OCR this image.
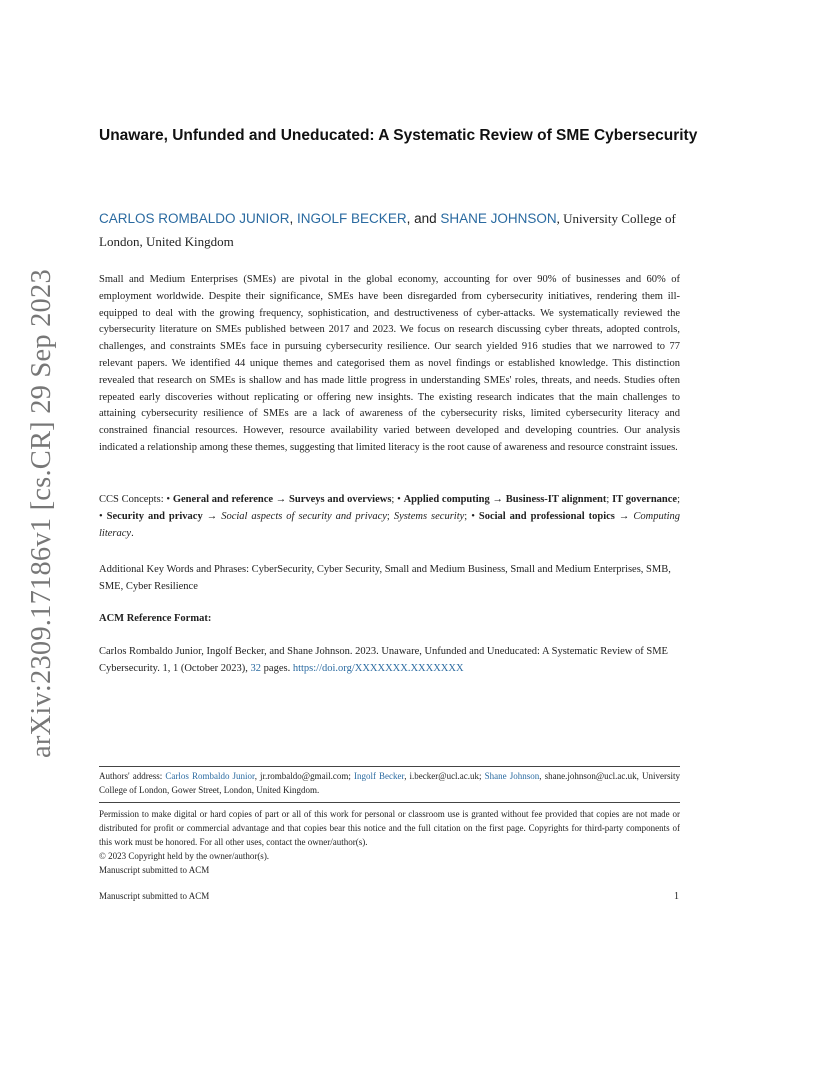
arXiv:2309.17186v1 [cs.CR] 29 Sep 2023
Unaware, Unfunded and Uneducated: A Systematic Review of SME Cybersecurity
CARLOS ROMBALDO JUNIOR, INGOLF BECKER, and SHANE JOHNSON, University College of London, United Kingdom

Small and Medium Enterprises (SMEs) are pivotal in the global economy, accounting for over 90% of businesses and 60% of employment worldwide. Despite their significance, SMEs have been disregarded from cybersecurity initiatives, rendering them ill-equipped to deal with the growing frequency, sophistication, and destructiveness of cyber-attacks. We systematically reviewed the cybersecurity literature on SMEs published between 2017 and 2023. We focus on research discussing cyber threats, adopted controls, challenges, and constraints SMEs face in pursuing cybersecurity resilience. Our search yielded 916 studies that we narrowed to 77 relevant papers. We identified 44 unique themes and categorised them as novel findings or established knowledge. This distinction revealed that research on SMEs is shallow and has made little progress in understanding SMEs' roles, threats, and needs. Studies often repeated early discoveries without replicating or offering new insights. The existing research indicates that the main challenges to attaining cybersecurity resilience of SMEs are a lack of awareness of the cybersecurity risks, limited cybersecurity literacy and constrained financial resources. However, resource availability varied between developed and developing countries. Our analysis indicated a relationship among these themes, suggesting that limited literacy is the root cause of awareness and resource constraint issues.

CCS Concepts: • General and reference → Surveys and overviews; • Applied computing → Business-IT alignment; IT governance; • Security and privacy → Social aspects of security and privacy; Systems security; • Social and professional topics → Computing literacy.

Additional Key Words and Phrases: CyberSecurity, Cyber Security, Small and Medium Business, Small and Medium Enterprises, SMB, SME, Cyber Resilience

ACM Reference Format:

Carlos Rombaldo Junior, Ingolf Becker, and Shane Johnson. 2023. Unaware, Unfunded and Uneducated: A Systematic Review of SME Cybersecurity. 1, 1 (October 2023), 32 pages. https://doi.org/XXXXXXX.XXXXXXX

Authors' address: Carlos Rombaldo Junior, jr.rombaldo@gmail.com; Ingolf Becker, i.becker@ucl.ac.uk; Shane Johnson, shane.johnson@ucl.ac.uk, University College of London, Gower Street, London, United Kingdom.

Permission to make digital or hard copies of part or all of this work for personal or classroom use is granted without fee provided that copies are not made or distributed for profit or commercial advantage and that copies bear this notice and the full citation on the first page. Copyrights for third-party components of this work must be honored. For all other uses, contact the owner/author(s).
© 2023 Copyright held by the owner/author(s).
Manuscript submitted to ACM

Manuscript submitted to ACM	1
